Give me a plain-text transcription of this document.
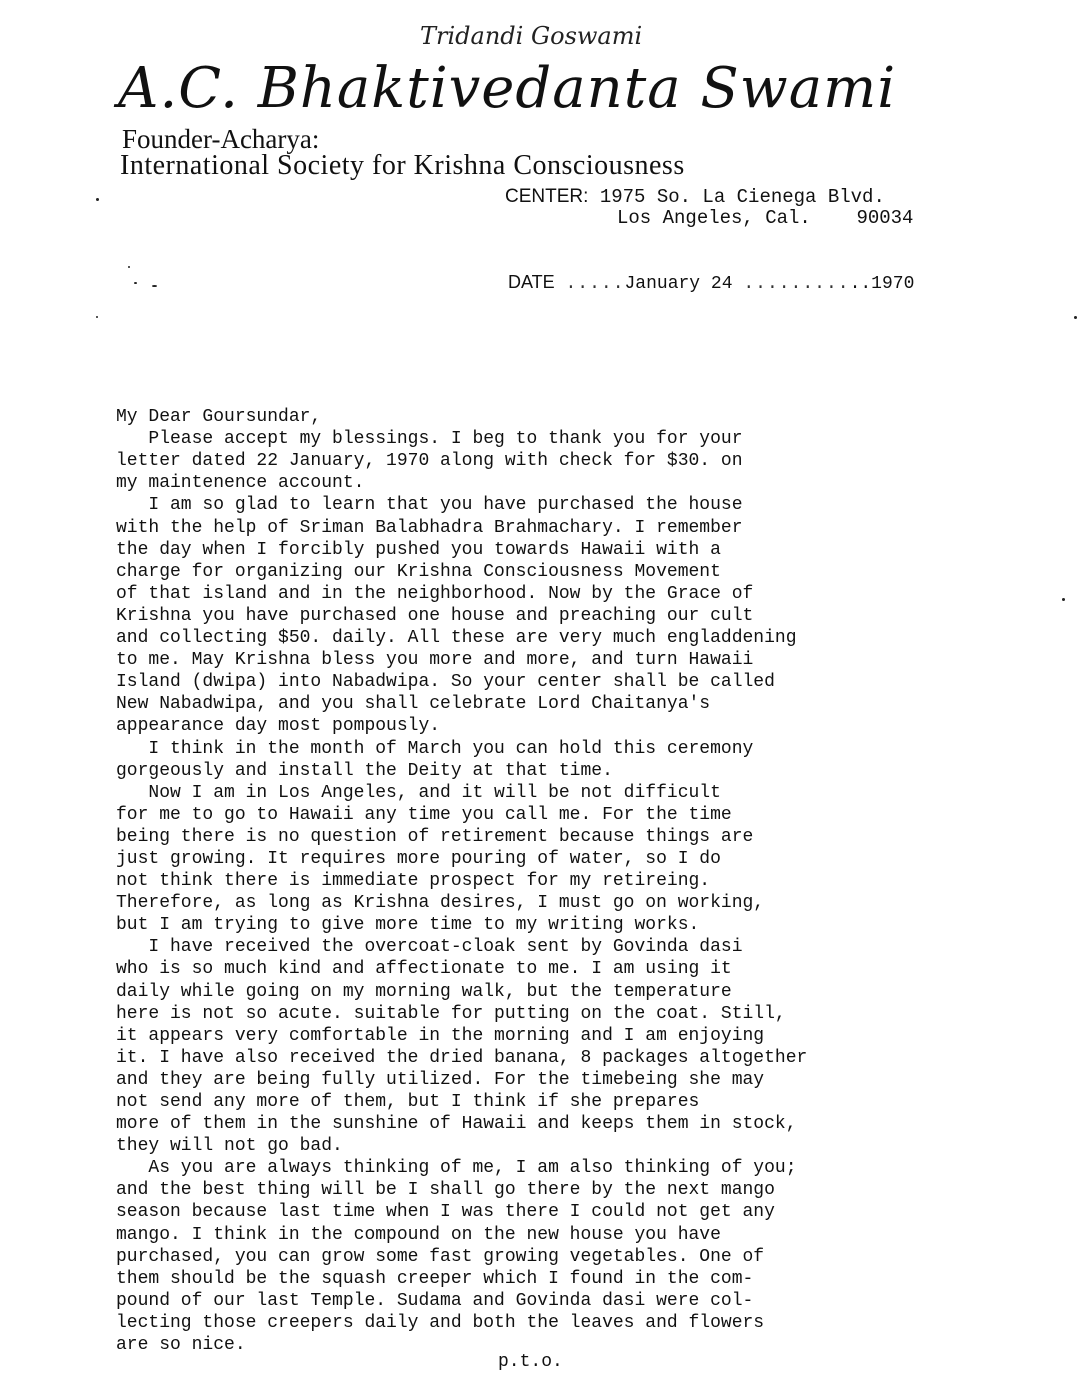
Tridandi Goswami
A.C. Bhaktivedanta Swami
Founder-Acharya:
International Society for Krishna Consciousness
CENTER: 1975 So. La Cienega Blvd.
Los Angeles, Cal.    90034
DATE .....January 24 ...........1970

My Dear Goursundar,
Please accept my blessings. I beg to thank you for your
letter dated 22 January, 1970 along with check for $30. on
my maintenence account.
I am so glad to learn that you have purchased the house
with the help of Sriman Balabhadra Brahmachary. I remember
the day when I forcibly pushed you towards Hawaii with a
charge for organizing our Krishna Consciousness Movement
of that island and in the neighborhood. Now by the Grace of
Krishna you have purchased one house and preaching our cult
and collecting $50. daily. All these are very much engladdening
to me. May Krishna bless you more and more, and turn Hawaii
Island (dwipa) into Nabadwipa. So your center shall be called
New Nabadwipa, and you shall celebrate Lord Chaitanya's
appearance day most pompously.
I think in the month of March you can hold this ceremony
gorgeously and install the Deity at that time.
Now I am in Los Angeles, and it will be not difficult
for me to go to Hawaii any time you call me. For the time
being there is no question of retirement because things are
just growing. It requires more pouring of water, so I do
not think there is immediate prospect for my retireing.
Therefore, as long as Krishna desires, I must go on working,
but I am trying to give more time to my writing works.
I have received the overcoat-cloak sent by Govinda dasi
who is so much kind and affectionate to me. I am using it
daily while going on my morning walk, but the temperature
here is not so acute. suitable for putting on the coat. Still,
it appears very comfortable in the morning and I am enjoying
it. I have also received the dried banana, 8 packages altogether
and they are being fully utilized. For the timebeing she may
not send any more of them, but I think if she prepares
more of them in the sunshine of Hawaii and keeps them in stock,
they will not go bad.
As you are always thinking of me, I am also thinking of you;
and the best thing will be I shall go there by the next mango
season because last time when I was there I could not get any
mango. I think in the compound on the new house you have
purchased, you can grow some fast growing vegetables. One of
them should be the squash creeper which I found in the com-
pound of our last Temple. Sudama and Govinda dasi were col-
lecting those creepers daily and both the leaves and flowers
are so nice.

p.t.o.
